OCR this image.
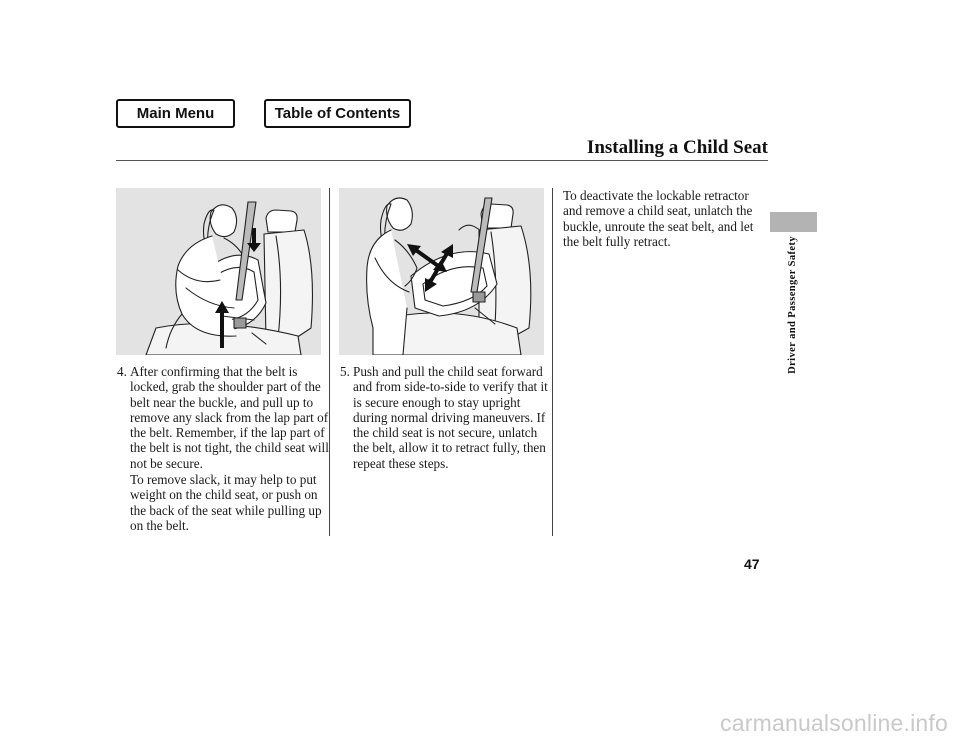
Main Menu	Table of Contents
Installing a Child Seat
Driver and Passenger Safety
4. After confirming that the belt is locked, grab the shoulder part of the belt near the buckle, and pull up to remove any slack from the lap part of the belt. Remember, if the lap part of the belt is not tight, the child seat will not be secure.
To remove slack, it may help to put weight on the child seat, or push on the back of the seat while pulling up on the belt.
5. Push and pull the child seat forward and from side-to-side to verify that it is secure enough to stay upright during normal driving maneuvers. If the child seat is not secure, unlatch the belt, allow it to retract fully, then repeat these steps.
To deactivate the lockable retractor and remove a child seat, unlatch the buckle, unroute the seat belt, and let the belt fully retract.
47
carmanualsonline.info
